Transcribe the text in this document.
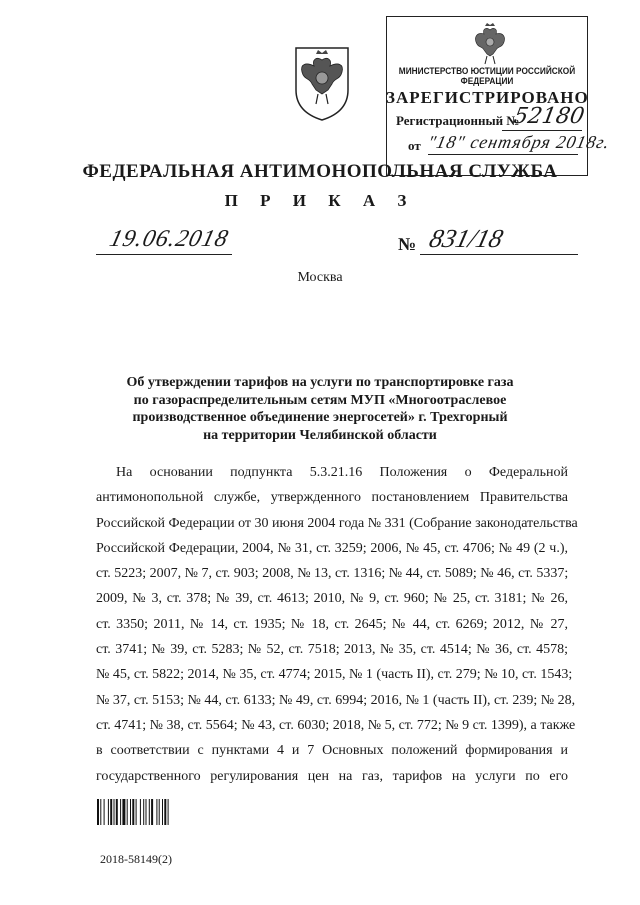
МИНИСТЕРСТВО ЮСТИЦИИ РОССИЙСКОЙ ФЕДЕРАЦИИ
ЗАРЕГИСТРИРОВАНО
Регистрационный №
52180
от "18" сентября 2018г.
ФЕДЕРАЛЬНАЯ АНТИМОНОПОЛЬНАЯ СЛУЖБА
П Р И К А З
19.06.2018	№ 831/18
Москва
Об утверждении тарифов на услуги по транспортировке газа
по газораспределительным сетям МУП «Многоотраслевое
производственное объединение энергосетей» г. Трехгорный
на территории Челябинской области
На основании подпункта 5.3.21.16 Положения о Федеральной
антимонопольной службе, утвержденного постановлением Правительства
Российской Федерации от 30 июня 2004 года № 331 (Собрание законодательства
Российской Федерации, 2004, № 31, ст. 3259; 2006, № 45, ст. 4706; № 49 (2 ч.),
ст. 5223; 2007, № 7, ст. 903; 2008, № 13, ст. 1316; № 44, ст. 5089; № 46, ст. 5337;
2009, № 3, ст. 378; № 39, ст. 4613; 2010, № 9, ст. 960; № 25, ст. 3181; № 26,
ст. 3350; 2011, № 14, ст. 1935; № 18, ст. 2645; № 44, ст. 6269; 2012, № 27,
ст. 3741; № 39, ст. 5283; № 52, ст. 7518; 2013, № 35, ст. 4514; № 36, ст. 4578;
№ 45, ст. 5822; 2014, № 35, ст. 4774; 2015, № 1 (часть II), ст. 279; № 10, ст. 1543;
№ 37, ст. 5153; № 44, ст. 6133; № 49, ст. 6994; 2016, № 1 (часть II), ст. 239; № 28,
ст. 4741; № 38, ст. 5564; № 43, ст. 6030; 2018, № 5, ст. 772; № 9 ст. 1399), а также
в соответствии с пунктами 4 и 7 Основных положений формирования и
государственного регулирования цен на газ, тарифов на услуги по его
2018-58149(2)
